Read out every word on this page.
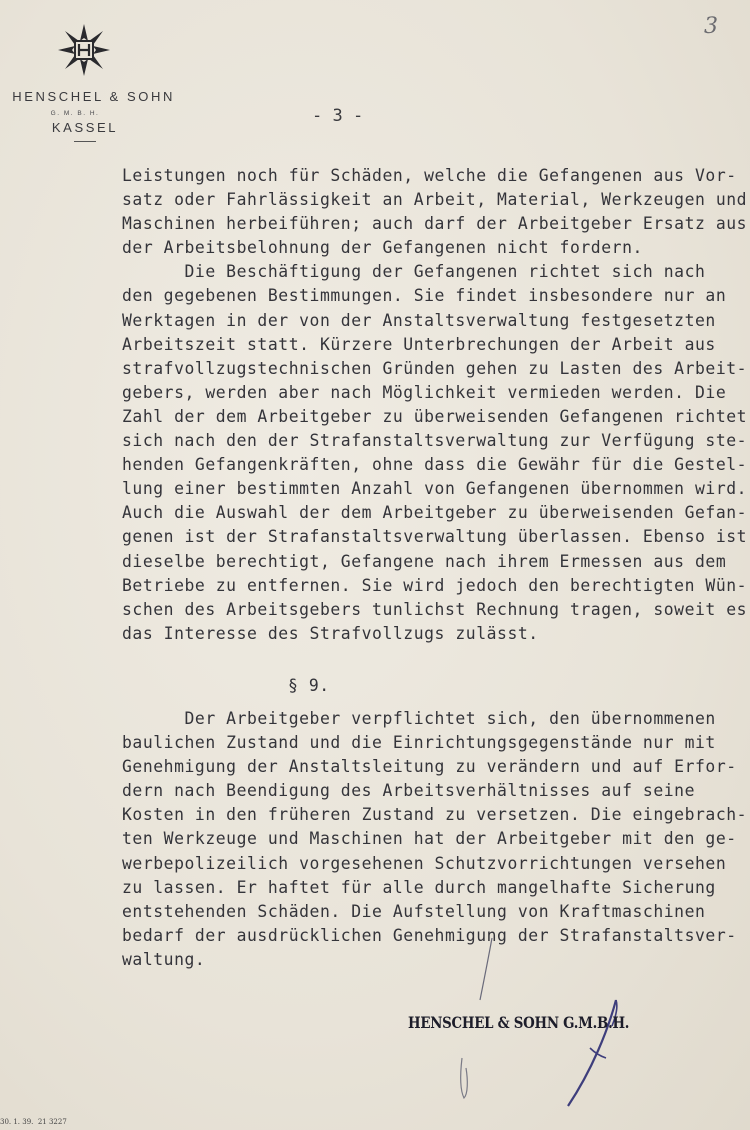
3
HENSCHEL & SOHN
G. M. B. H.
KASSEL
- 3 -
Leistungen noch für Schäden, welche die Gefangenen aus Vor-
satz oder Fahrlässigkeit an Arbeit, Material, Werkzeugen und
Maschinen herbeiführen; auch darf der Arbeitgeber Ersatz aus
der Arbeitsbelohnung der Gefangenen nicht fordern.
Die Beschäftigung der Gefangenen richtet sich nach
den gegebenen Bestimmungen. Sie findet insbesondere nur an
Werktagen in der von der Anstaltsverwaltung festgesetzten
Arbeitszeit statt. Kürzere Unterbrechungen der Arbeit aus
strafvollzugstechnischen Gründen gehen zu Lasten des Arbeit-
gebers, werden aber nach Möglichkeit vermieden werden. Die
Zahl der dem Arbeitgeber zu überweisenden Gefangenen richtet
sich nach den der Strafanstaltsverwaltung zur Verfügung ste-
henden Gefangenkräften, ohne dass die Gewähr für die Gestel-
lung einer bestimmten Anzahl von Gefangenen übernommen wird.
Auch die Auswahl der dem Arbeitgeber zu überweisenden Gefan-
genen ist der Strafanstaltsverwaltung überlassen. Ebenso ist
dieselbe berechtigt, Gefangene nach ihrem Ermessen aus dem
Betriebe zu entfernen. Sie wird jedoch den berechtigten Wün-
schen des Arbeitsgebers tunlichst Rechnung tragen, soweit es
das Interesse des Strafvollzugs zulässt.
§ 9.
Der Arbeitgeber verpflichtet sich, den übernommenen
baulichen Zustand und die Einrichtungsgegenstände nur mit
Genehmigung der Anstaltsleitung zu verändern und auf Erfor-
dern nach Beendigung des Arbeitsverhältnisses auf seine
Kosten in den früheren Zustand zu versetzen. Die eingebrach-
ten Werkzeuge und Maschinen hat der Arbeitgeber mit den ge-
werbepolizeilich vorgesehenen Schutzvorrichtungen versehen
zu lassen. Er haftet für alle durch mangelhafte Sicherung
entstehenden Schäden. Die Aufstellung von Kraftmaschinen
bedarf der ausdrücklichen Genehmigung der Strafanstaltsver-
waltung.
HENSCHEL & SOHN G.M.B.H.
30. 1. 39.  21 3227
